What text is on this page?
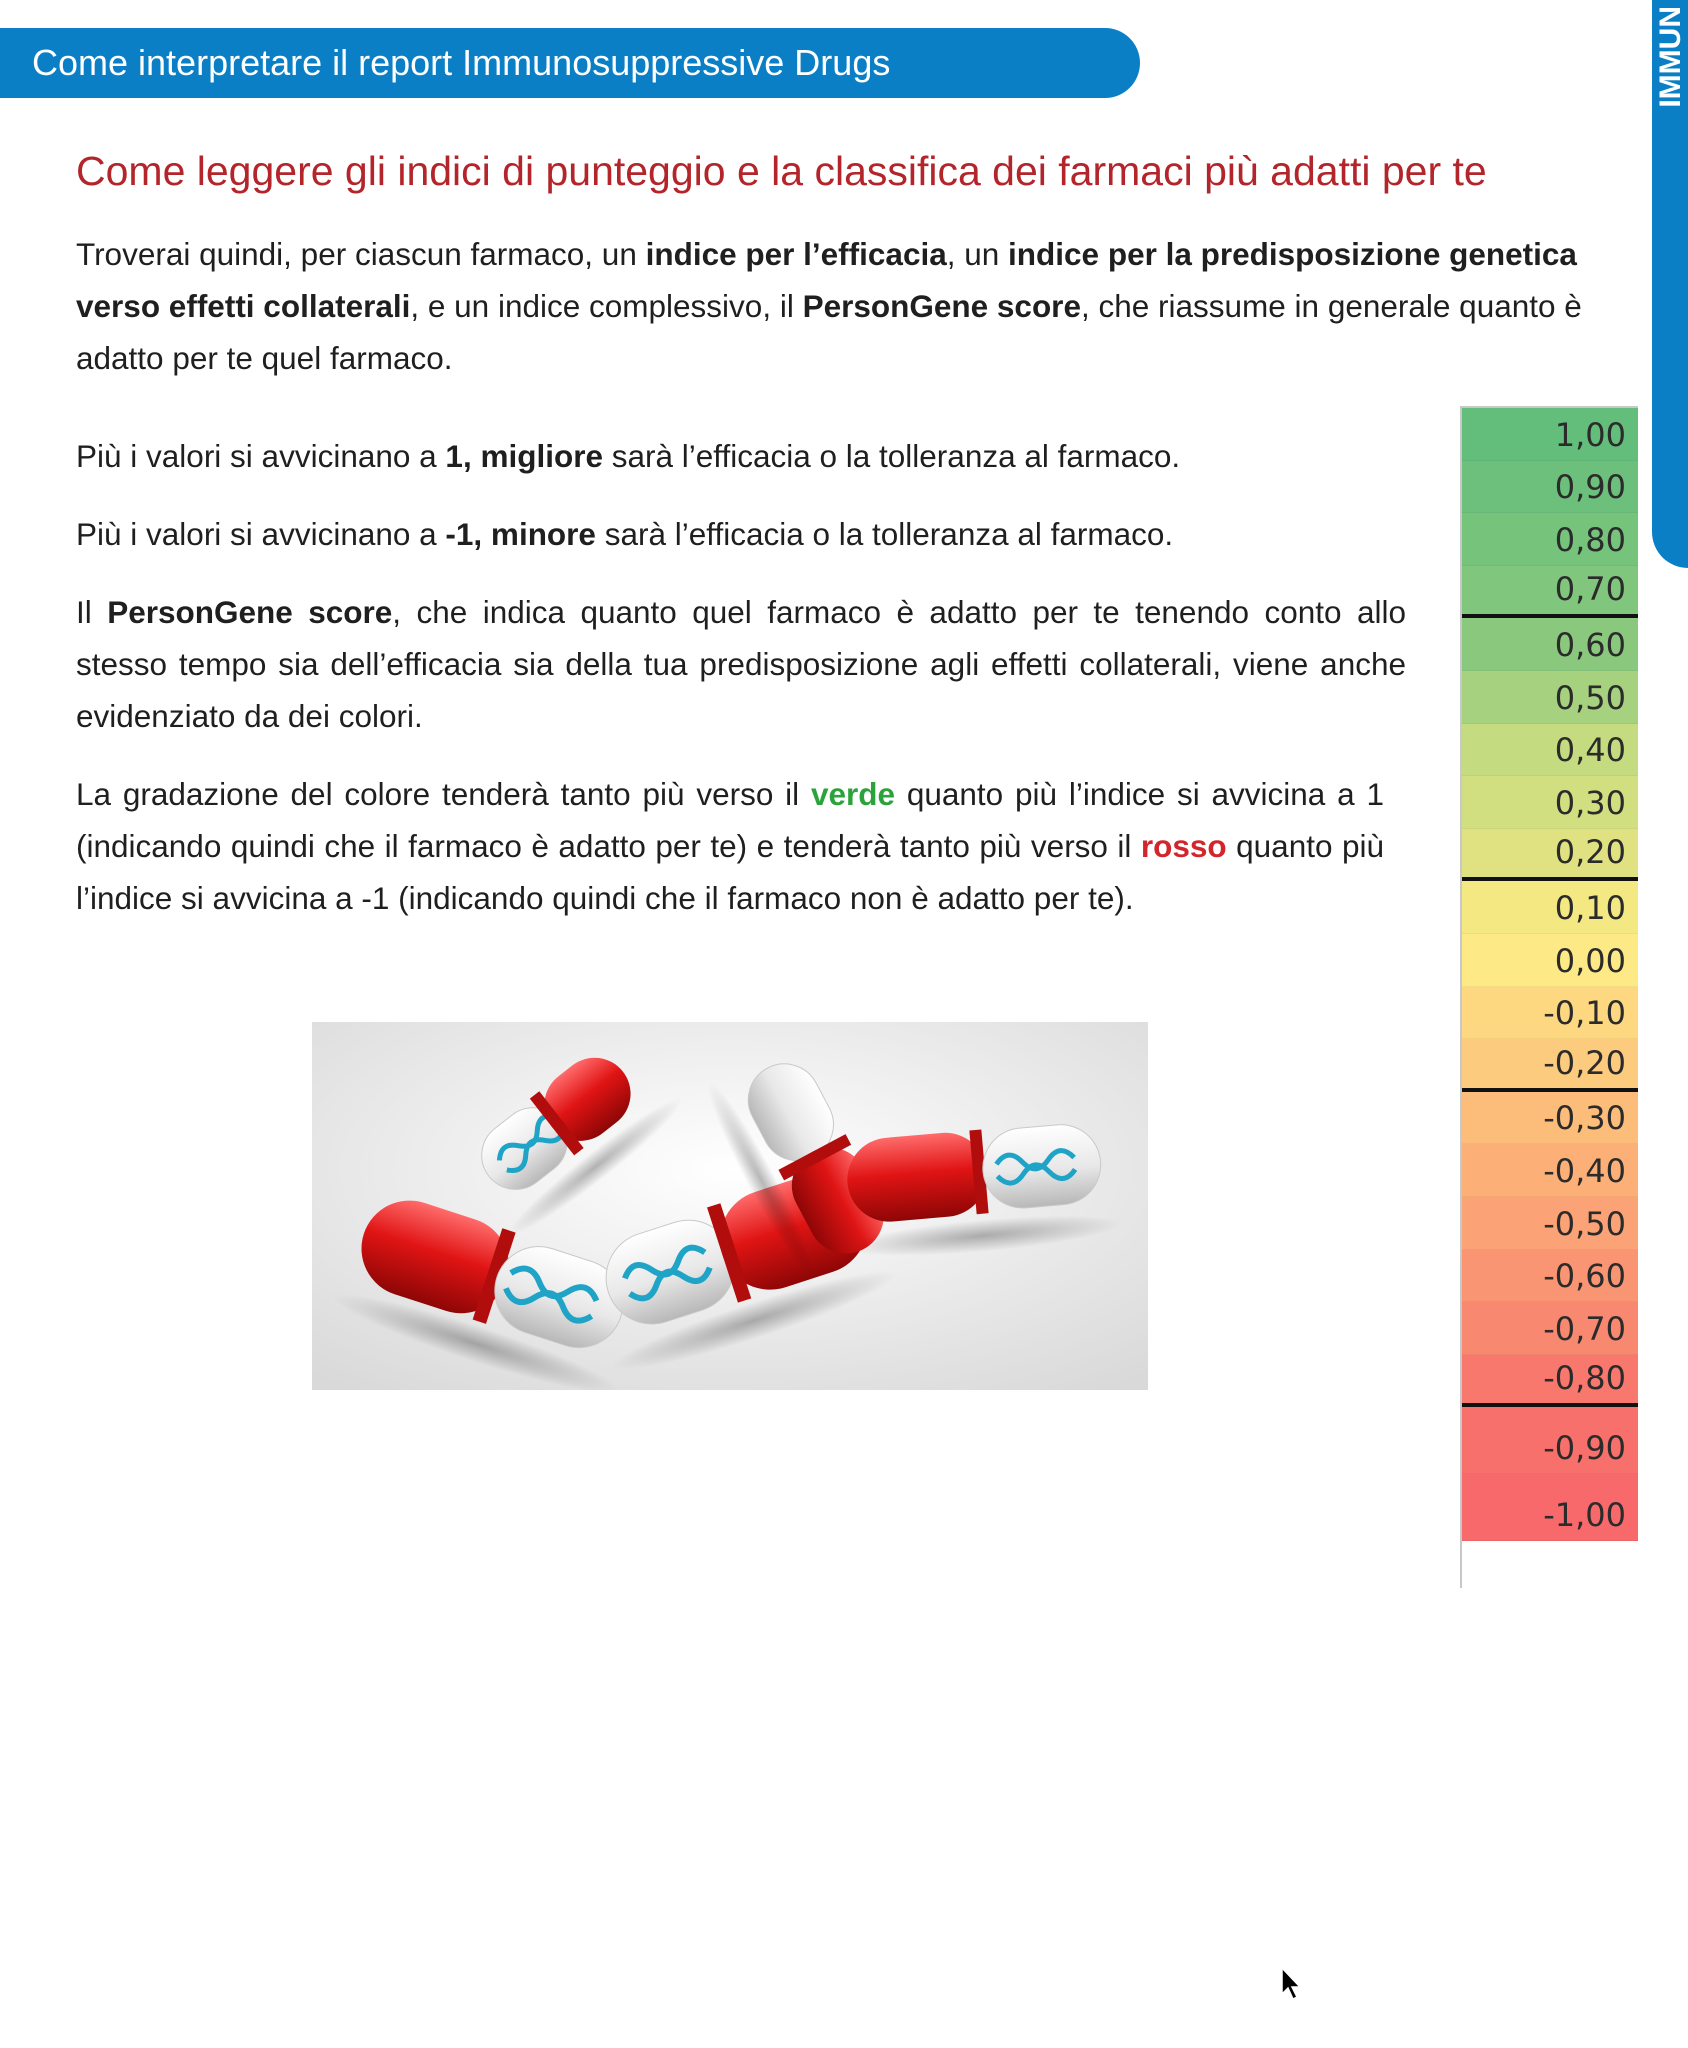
Come interpretare il report Immunosuppressive Drugs	IMMUN
Come leggere gli indici di punteggio e la classifica dei farmaci più adatti per te

Troverai quindi, per ciascun farmaco, un indice per l’efficacia, un indice per la predisposizione genetica verso effetti collaterali, e un indice complessivo, il PersonGene score, che riassume in generale quanto è adatto per te quel farmaco.

Più i valori si avvicinano a 1, migliore sarà l’efficacia o la tolleranza al farmaco.

Più i valori si avvicinano a -1, minore sarà l’efficacia o la tolleranza al farmaco.

Il PersonGene score, che indica quanto quel farmaco è adatto per te tenendo conto allo stesso tempo sia dell’efficacia sia della tua predisposizione agli effetti collaterali, viene anche evidenziato da dei colori.

La gradazione del colore tenderà tanto più verso il verde quanto più l’indice si avvicina a 1 (indicando quindi che il farmaco è adatto per te) e tenderà tanto più verso il rosso quanto più l’indice si avvicina a -1 (indicando quindi che il farmaco non è adatto per te).

1,00
0,90
0,80
0,70
0,60
0,50
0,40
0,30
0,20
0,10
0,00
-0,10
-0,20
-0,30
-0,40
-0,50
-0,60
-0,70
-0,80
-0,90
-1,00
